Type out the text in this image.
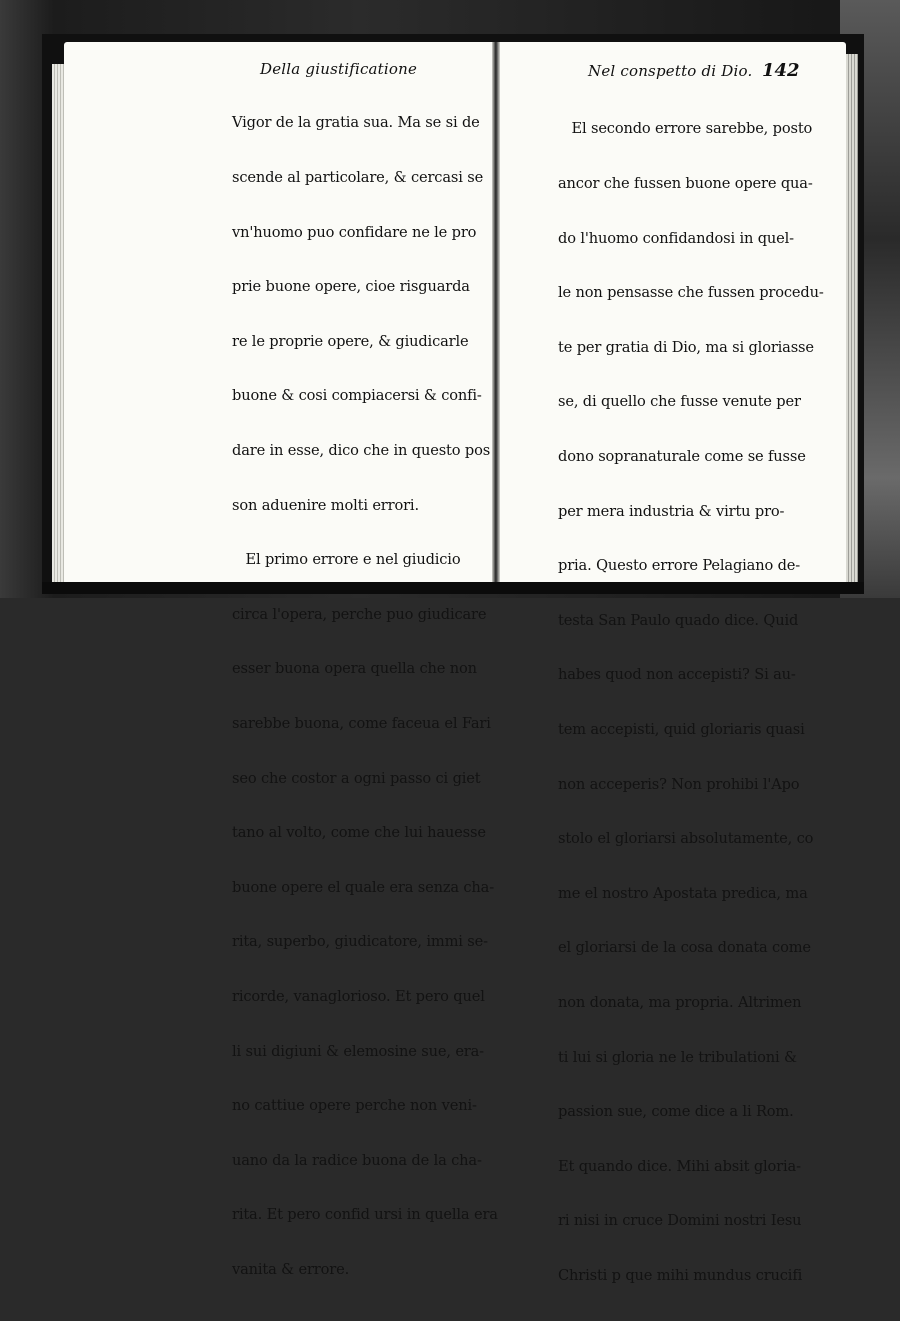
Della giustificatione

Vigor de la gratia sua. Ma se si de

scende al particolare, & cercasi se

vn'huomo puo confidare ne le pro

prie buone opere, cioe risguarda

re le proprie opere, & giudicarle

buone & cosi compiacersi & confi-

dare in esse, dico che in questo pos

son aduenire molti errori.

El primo errore e nel giudicio

circa l'opera, perche puo giudicare

esser buona opera quella che non

sarebbe buona, come faceua el Fari

seo che costor a ogni passo ci giet

tano al volto, come che lui hauesse

buone opere el quale era senza cha-

rita, superbo, giudicatore, immi se-

ricorde, vanaglorioso. Et pero quel

li sui digiuni & elemosine sue, era-

no cattiue opere perche non veni-

uano da la radice buona de la cha-

rita. Et pero confid ursi in quella era

vanita & errore.

Nel conspetto di Dio. 142

El secondo errore sarebbe, posto

ancor che fussen buone opere qua-

do l'huomo confidandosi in quel-

le non pensasse che fussen procedu-

te per gratia di Dio, ma si gloriasse

se, di quello che fusse venute per

dono sopranaturale come se fusse

per mera industria & virtu pro-

pria. Questo errore Pelagiano de-

testa San Paulo quado dice. Quid

habes quod non accepisti? Si au-

tem accepisti, quid gloriaris quasi

non acceperis? Non prohibi l'Apo

stolo el gloriarsi absolutamente, co

me el nostro Apostata predica, ma

el gloriarsi de la cosa donata come

non donata, ma propria. Altrimen

ti lui si gloria ne le tribulationi &

passion sue, come dice a li Rom.

Et quando dice. Mihi absit gloria-

ri nisi in cruce Domini nostri Iesu

Christi p que mihi mundus crucifi
